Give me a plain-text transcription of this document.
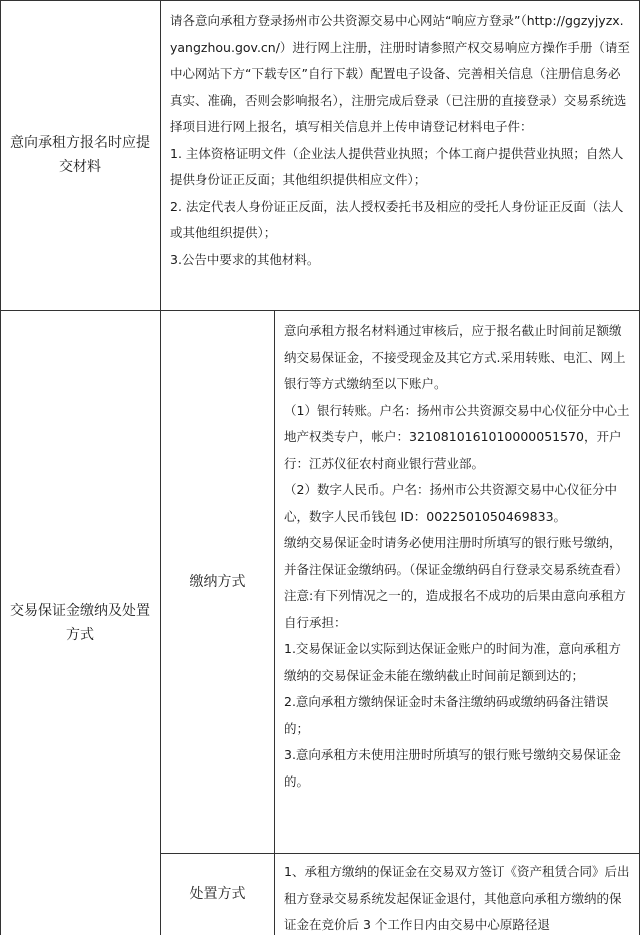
意向承租方报名时应提交材料

请各意向承租方登录扬州市公共资源交易中心网站“响应方登录”（http://ggzyjyzx.yangzhou.gov.cn/）进行网上注册，注册时请参照产权交易响应方操作手册（请至中心网站下方“下载专区”自行下载）配置电子设备、完善相关信息（注册信息务必真实、准确，否则会影响报名），注册完成后登录（已注册的直接登录）交易系统选择项目进行网上报名，填写相关信息并上传申请登记材料电子件：

1. 主体资格证明文件（企业法人提供营业执照；个体工商户提供营业执照；自然人提供身份证正反面；其他组织提供相应文件）；

2. 法定代表人身份证正反面，法人授权委托书及相应的受托人身份证正反面（法人或其他组织提供）；

3.公告中要求的其他材料。

交易保证金缴纳及处置方式
缴纳方式

意向承租方报名材料通过审核后，应于报名截止时间前足额缴纳交易保证金，不接受现金及其它方式.采用转账、电汇、网上银行等方式缴纳至以下账户。

（1）银行转账。户名：扬州市公共资源交易中心仪征分中心土地产权类专户，帐户：3210810161010000051570，开户行：江苏仪征农村商业银行营业部。

（2）数字人民币。户名：扬州市公共资源交易中心仪征分中心，数字人民币钱包 ID：0022501050469833。

缴纳交易保证金时请务必使用注册时所填写的银行账号缴纳，并备注保证金缴纳码。（保证金缴纳码自行登录交易系统查看）

注意:有下列情况之一的，造成报名不成功的后果由意向承租方自行承担：

1.交易保证金以实际到达保证金账户的时间为准，意向承租方缴纳的交易保证金未能在缴纳截止时间前足额到达的；

2.意向承租方缴纳保证金时未备注缴纳码或缴纳码备注错误的；

3.意向承租方未使用注册时所填写的银行账号缴纳交易保证金的。

处置方式

1、承租方缴纳的保证金在交易双方签订《资产租赁合同》后出租方登录交易系统发起保证金退付，其他意向承租方缴纳的保证金在竞价后 3 个工作日内由交易中心原路径退
